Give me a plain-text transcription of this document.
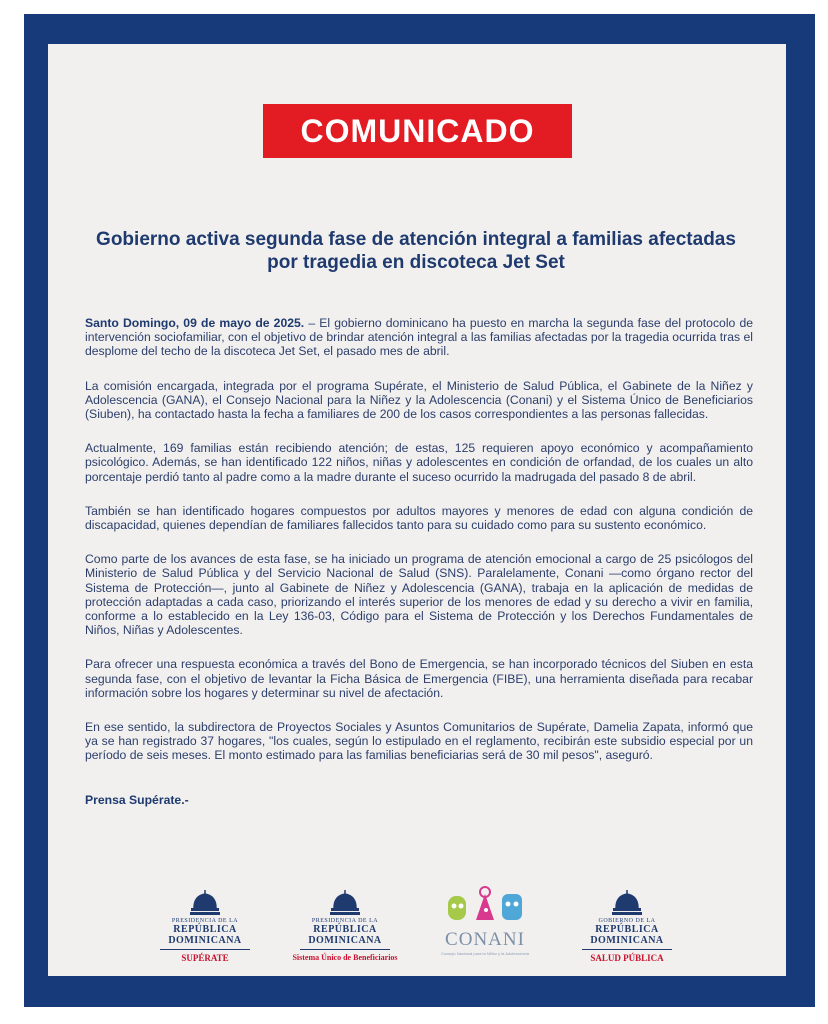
COMUNICADO
Gobierno activa segunda fase de atención integral a familias afectadas por tragedia en discoteca Jet Set

Santo Domingo, 09 de mayo de 2025. – El gobierno dominicano ha puesto en marcha la segunda fase del protocolo de intervención sociofamiliar, con el objetivo de brindar atención integral a las familias afectadas por la tragedia ocurrida tras el desplome del techo de la discoteca Jet Set, el pasado mes de abril.

La comisión encargada, integrada por el programa Supérate, el Ministerio de Salud Pública, el Gabinete de la Niñez y Adolescencia (GANA), el Consejo Nacional para la Niñez y la Adolescencia (Conani) y el Sistema Único de Beneficiarios (Siuben), ha contactado hasta la fecha a familiares de 200 de los casos correspondientes a las personas fallecidas.

Actualmente, 169 familias están recibiendo atención; de estas, 125 requieren apoyo económico y acompañamiento psicológico. Además, se han identificado 122 niños, niñas y adolescentes en condición de orfandad, de los cuales un alto porcentaje perdió tanto al padre como a la madre durante el suceso ocurrido la madrugada del pasado 8 de abril.

También se han identificado hogares compuestos por adultos mayores y menores de edad con alguna condición de discapacidad, quienes dependían de familiares fallecidos tanto para su cuidado como para su sustento económico.

Como parte de los avances de esta fase, se ha iniciado un programa de atención emocional a cargo de 25 psicólogos del Ministerio de Salud Pública y del Servicio Nacional de Salud (SNS). Paralelamente, Conani —como órgano rector del Sistema de Protección—, junto al Gabinete de Niñez y Adolescencia (GANA), trabaja en la aplicación de medidas de protección adaptadas a cada caso, priorizando el interés superior de los menores de edad y su derecho a vivir en familia, conforme a lo establecido en la Ley 136-03, Código para el Sistema de Protección y los Derechos Fundamentales de Niños, Niñas y Adolescentes.

Para ofrecer una respuesta económica a través del Bono de Emergencia, se han incorporado técnicos del Siuben en esta segunda fase, con el objetivo de levantar la Ficha Básica de Emergencia (FIBE), una herramienta diseñada para recabar información sobre los hogares y determinar su nivel de afectación.

En ese sentido, la subdirectora de Proyectos Sociales y Asuntos Comunitarios de Supérate, Damelia Zapata, informó que ya se han registrado 37 hogares, "los cuales, según lo estipulado en el reglamento, recibirán este subsidio especial por un período de seis meses. El monto estimado para las familias beneficiarias será de 30 mil pesos", aseguró.

Prensa Supérate.-

PRESIDENCIA DE LA
REPÚBLICA DOMINICANA
SUPÉRATE
PRESIDENCIA DE LA
REPÚBLICA DOMINICANA
Sistema Único de Beneficiarios
CONANI
Consejo Nacional para la Niñez y la Adolescencia
GOBIERNO DE LA
REPÚBLICA DOMINICANA
SALUD PÚBLICA
